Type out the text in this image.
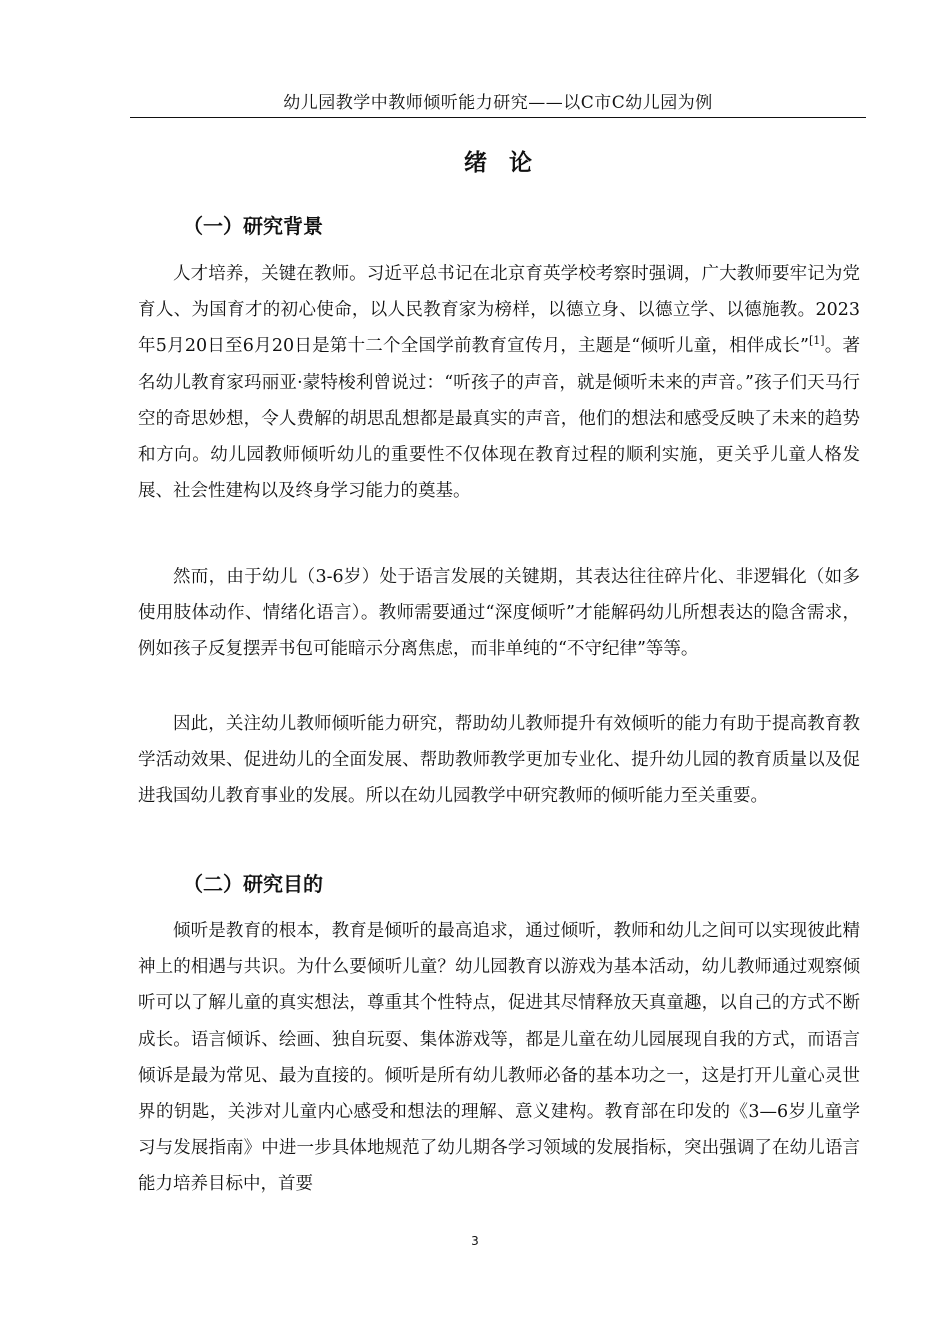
幼儿园教学中教师倾听能力研究——以C市C幼儿园为例
绪论
（一）研究背景

人才培养，关键在教师。习近平总书记在北京育英学校考察时强调，广大教师要牢记为党育人、为国育才的初心使命，以人民教育家为榜样，以德立身、以德立学、以德施教。2023年5月20日至6月20日是第十二个全国学前教育宣传月，主题是“倾听儿童，相伴成长”[1]。著名幼儿教育家玛丽亚·蒙特梭利曾说过：“听孩子的声音，就是倾听未来的声音。”孩子们天马行空的奇思妙想，令人费解的胡思乱想都是最真实的声音，他们的想法和感受反映了未来的趋势和方向。幼儿园教师倾听幼儿的重要性不仅体现在教育过程的顺利实施，更关乎儿童人格发展、社会性建构以及终身学习能力的奠基。

然而，由于幼儿（3-6岁）处于语言发展的关键期，其表达往往碎片化、非逻辑化（如多使用肢体动作、情绪化语言）。教师需要通过“深度倾听”才能解码幼儿所想表达的隐含需求，例如孩子反复摆弄书包可能暗示分离焦虑，而非单纯的“不守纪律”等等。

因此，关注幼儿教师倾听能力研究，帮助幼儿教师提升有效倾听的能力有助于提高教育教学活动效果、促进幼儿的全面发展、帮助教师教学更加专业化、提升幼儿园的教育质量以及促进我国幼儿教育事业的发展。所以在幼儿园教学中研究教师的倾听能力至关重要。

（二）研究目的

倾听是教育的根本，教育是倾听的最高追求，通过倾听，教师和幼儿之间可以实现彼此精神上的相遇与共识。为什么要倾听儿童？幼儿园教育以游戏为基本活动，幼儿教师通过观察倾听可以了解儿童的真实想法，尊重其个性特点，促进其尽情释放天真童趣，以自己的方式不断成长。语言倾诉、绘画、独自玩耍、集体游戏等，都是儿童在幼儿园展现自我的方式，而语言倾诉是最为常见、最为直接的。倾听是所有幼儿教师必备的基本功之一，这是打开儿童心灵世界的钥匙，关涉对儿童内心感受和想法的理解、意义建构。教育部在印发的《3—6岁儿童学习与发展指南》中进一步具体地规范了幼儿期各学习领域的发展指标，突出强调了在幼儿语言能力培养目标中，首要

3
